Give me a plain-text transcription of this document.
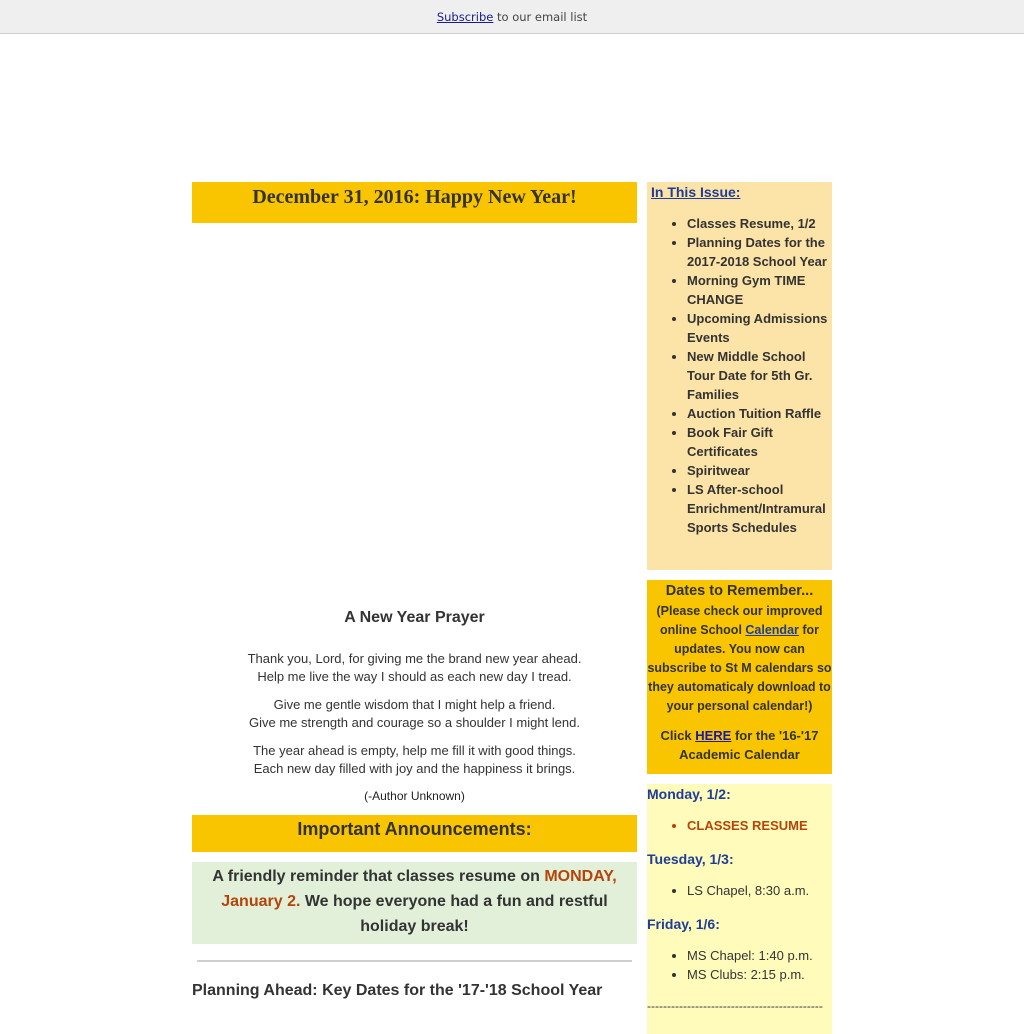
Subscribe to our email list
December 31, 2016: Happy New Year!
A New Year Prayer

Thank you, Lord, for giving me the brand new year ahead.
Help me live the way I should as each new day I tread.

Give me gentle wisdom that I might help a friend.
Give me strength and courage so a shoulder I might lend.

The year ahead is empty, help me fill it with good things.
Each new day filled with joy and the happiness it brings.

(-Author Unknown)
Important Announcements:
A friendly reminder that classes resume on MONDAY, January 2. We hope everyone had a fun and restful holiday break!
Planning Ahead: Key Dates for the '17-'18 School Year
In This Issue:
• Classes Resume, 1/2
• Planning Dates for the 2017-2018 School Year
• Morning Gym TIME CHANGE
• Upcoming Admissions Events
• New Middle School Tour Date for 5th Gr. Families
• Auction Tuition Raffle
• Book Fair Gift Certificates
• Spiritwear
• LS After-school Enrichment/Intramural Sports Schedules
Dates to Remember...
(Please check our improved online School Calendar for updates. You now can subscribe to St M calendars so they automaticaly download to your personal calendar!)
Click HERE for the '16-'17 Academic Calendar
Monday, 1/2:
• CLASSES RESUME
Tuesday, 1/3:
• LS Chapel, 8:30 a.m.
Friday, 1/6:
• MS Chapel: 1:40 p.m.
• MS Clubs: 2:15 p.m.
--------------------------------------------
